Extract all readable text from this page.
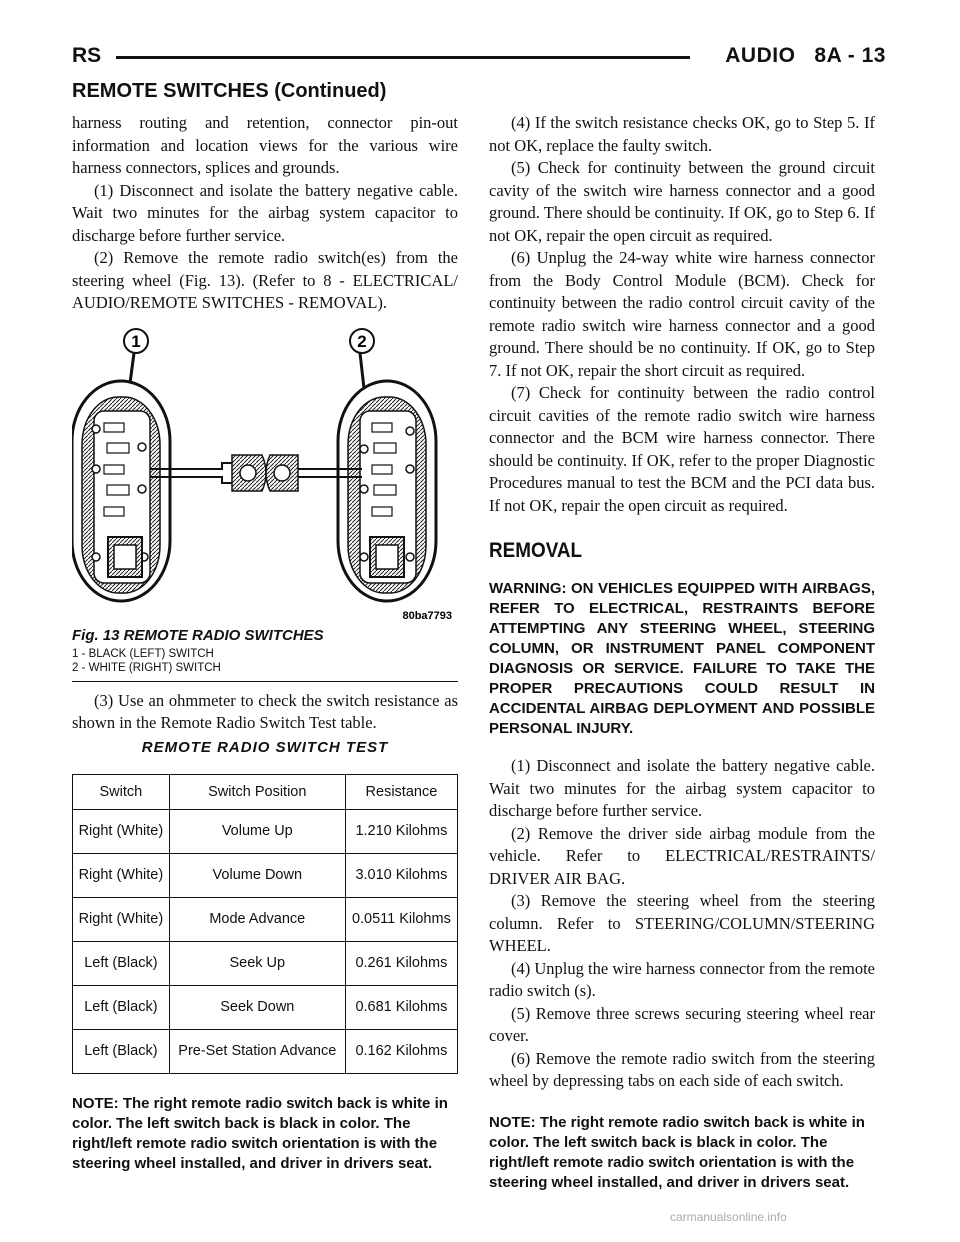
RS	AUDIO   8A - 13
REMOTE SWITCHES (Continued)

harness routing and retention, connector pin-out information and location views for the various wire harness connectors, splices and grounds.

(1) Disconnect and isolate the battery negative cable. Wait two minutes for the airbag system capacitor to discharge before further service.

(2) Remove the remote radio switch(es) from the steering wheel (Fig. 13). (Refer to 8 - ELECTRICAL/ AUDIO/REMOTE SWITCHES - REMOVAL).

1	2
80ba7793
Fig. 13 REMOTE RADIO SWITCHES
1 - BLACK (LEFT) SWITCH
2 - WHITE (RIGHT) SWITCH

(3) Use an ohmmeter to check the switch resistance as shown in the Remote Radio Switch Test table.

REMOTE RADIO SWITCH TEST
Switch	Switch Position	Resistance
Right (White)	Volume Up	1.210 Kilohms
Right (White)	Volume Down	3.010 Kilohms
Right (White)	Mode Advance	0.0511 Kilohms
Left (Black)	Seek Up	0.261 Kilohms
Left (Black)	Seek Down	0.681 Kilohms
Left (Black)	Pre-Set Station Advance	0.162 Kilohms

NOTE: The right remote radio switch back is white in color. The left switch back is black in color. The right/left remote radio switch orientation is with the steering wheel installed, and driver in drivers seat.

(4) If the switch resistance checks OK, go to Step 5. If not OK, replace the faulty switch.

(5) Check for continuity between the ground circuit cavity of the switch wire harness connector and a good ground. There should be continuity. If OK, go to Step 6. If not OK, repair the open circuit as required.

(6) Unplug the 24-way white wire harness connector from the Body Control Module (BCM). Check for continuity between the radio control circuit cavity of the remote radio switch wire harness connector and a good ground. There should be no continuity. If OK, go to Step 7. If not OK, repair the short circuit as required.

(7) Check for continuity between the radio control circuit cavities of the remote radio switch wire harness connector and the BCM wire harness connector. There should be continuity. If OK, refer to the proper Diagnostic Procedures manual to test the BCM and the PCI data bus. If not OK, repair the open circuit as required.

REMOVAL

WARNING: ON VEHICLES EQUIPPED WITH AIRBAGS, REFER TO ELECTRICAL, RESTRAINTS BEFORE ATTEMPTING ANY STEERING WHEEL, STEERING COLUMN, OR INSTRUMENT PANEL COMPONENT DIAGNOSIS OR SERVICE. FAILURE TO TAKE THE PROPER PRECAUTIONS COULD RESULT IN ACCIDENTAL AIRBAG DEPLOYMENT AND POSSIBLE PERSONAL INJURY.

(1) Disconnect and isolate the battery negative cable. Wait two minutes for the airbag system capacitor to discharge before further service.

(2) Remove the driver side airbag module from the vehicle. Refer to ELECTRICAL/RESTRAINTS/ DRIVER AIR BAG.

(3) Remove the steering wheel from the steering column. Refer to STEERING/COLUMN/STEERING WHEEL.

(4) Unplug the wire harness connector from the remote radio switch (s).

(5) Remove three screws securing steering wheel rear cover.

(6) Remove the remote radio switch from the steering wheel by depressing tabs on each side of each switch.

NOTE: The right remote radio switch back is white in color. The left switch back is black in color. The right/left remote radio switch orientation is with the steering wheel installed, and driver in drivers seat.

carmanualsonline.info
